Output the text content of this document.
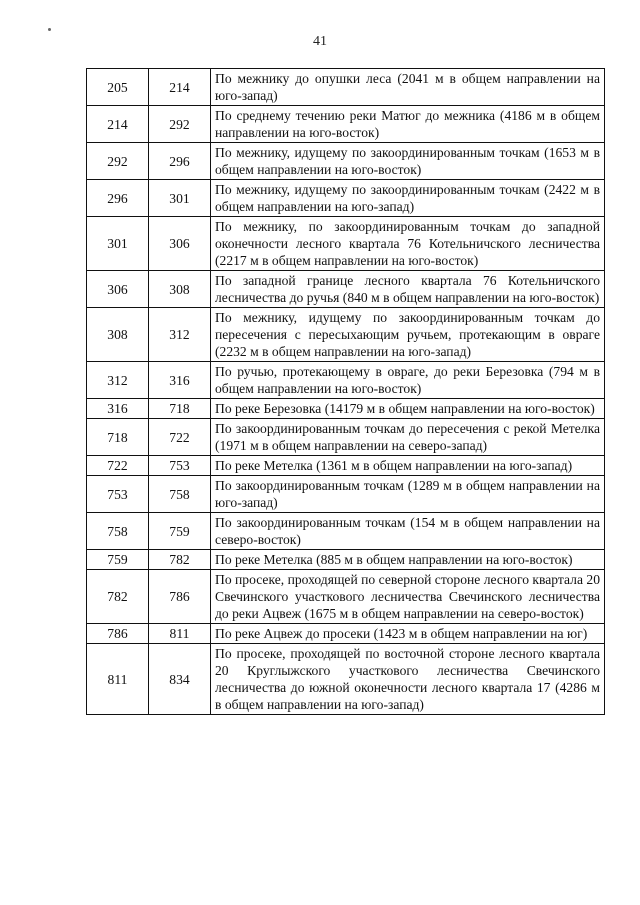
41
205	214	По межнику до опушки леса (2041 м в общем направлении на юго-запад)
214	292	По среднему течению реки Матюг до межника (4186 м в общем направлении на юго-восток)
292	296	По межнику, идущему по закоординированным точкам (1653 м в общем направлении на юго-восток)
296	301	По межнику, идущему по закоординированным точкам (2422 м в общем направлении на юго-запад)
301	306	По межнику, по закоординированным точкам до западной оконечности лесного квартала 76 Котельничского лесничества (2217 м в общем направлении на юго-восток)
306	308	По западной границе лесного квартала 76 Котельничского лесничества до ручья (840 м в общем направлении на юго-восток)
308	312	По межнику, идущему по закоординированным точкам до пересечения с пересыхающим ручьем, протекающим в овраге (2232 м в общем направлении на юго-запад)
312	316	По ручью, протекающему в овраге, до реки Березовка (794 м в общем направлении на юго-восток)
316	718	По реке Березовка (14179 м в общем направлении на юго-восток)
718	722	По закоординированным точкам до пересечения с рекой Метелка (1971 м в общем направлении на северо-запад)
722	753	По реке Метелка (1361 м в общем направлении на юго-запад)
753	758	По закоординированным точкам (1289 м в общем направлении на юго-запад)
758	759	По закоординированным точкам (154 м в общем направлении на северо-восток)
759	782	По реке Метелка (885 м в общем направлении на юго-восток)
782	786	По просеке, проходящей по северной стороне лесного квартала 20 Свечинского участкового лесничества Свечинского лесничества до реки Ацвеж (1675 м в общем направлении на северо-восток)
786	811	По реке Ацвеж до просеки (1423 м в общем направлении на юг)
811	834	По просеке, проходящей по восточной стороне лесного квартала 20 Круглыжского участкового лесничества Свечинского лесничества до южной оконечности лесного квартала 17 (4286 м в общем направлении на юго-запад)
